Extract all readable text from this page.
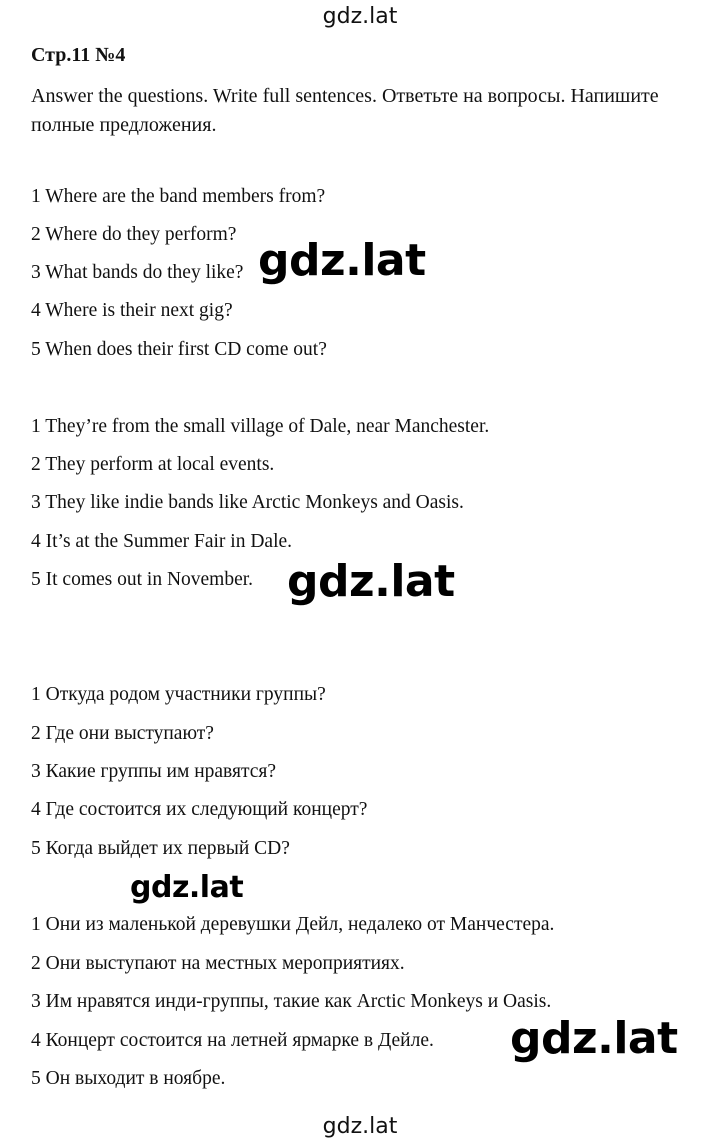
gdz.lat
Стр.11 №4
Answer the questions. Write full sentences. Ответьте на вопросы. Напишите полные предложения.
1 Where are the band members from?
2 Where do they perform?
3 What bands do they like?
4 Where is their next gig?
5 When does their first CD come out?
1 They’re from the small village of Dale, near Manchester.
2 They perform at local events.
3 They like indie bands like Arctic Monkeys and Oasis.
4 It’s at the Summer Fair in Dale.
5 It comes out in November.
1 Откуда родом участники группы?
2 Где они выступают?
3 Какие группы им нравятся?
4 Где состоится их следующий концерт?
5 Когда выйдет их первый CD?
1 Они из маленькой деревушки Дейл, недалеко от Манчестера.
2 Они выступают на местных мероприятиях.
3 Им нравятся инди-группы, такие как Arctic Monkeys и Oasis.
4 Концерт состоится на летней ярмарке в Дейле.
5 Он выходит в ноябре.
gdz.lat
gdz.lat
gdz.lat
gdz.lat
gdz.lat
